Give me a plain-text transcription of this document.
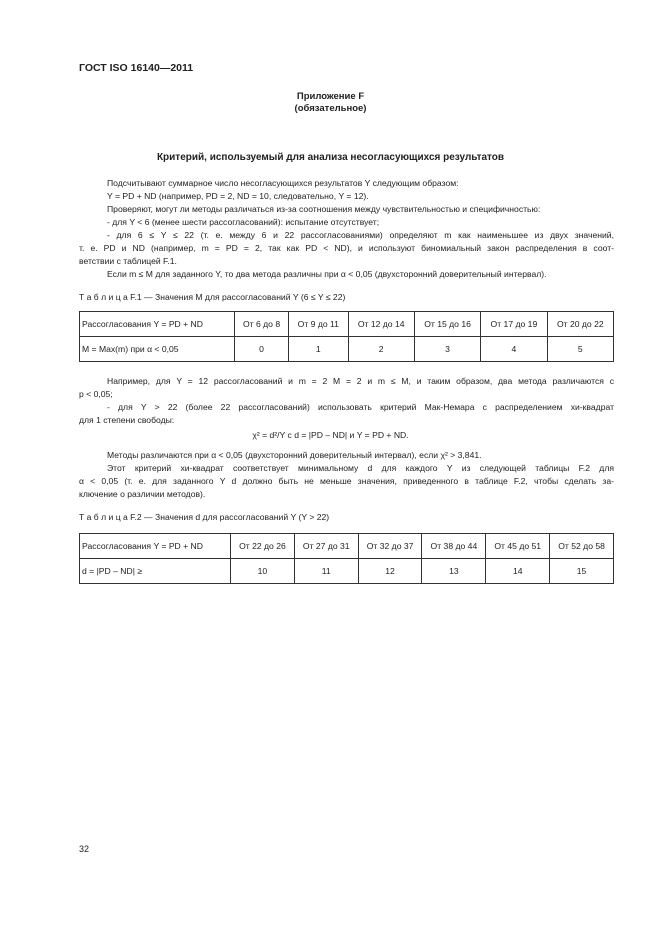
ГОСТ ISO 16140—2011
Приложение F
(обязательное)
Критерий, используемый для анализа несогласующихся результатов
Подсчитывают суммарное число несогласующихся результатов Y следующим образом:
Y = PD + ND (например, PD = 2, ND = 10, следовательно, Y = 12).
Проверяют, могут ли методы различаться из-за соотношения между чувствительностью и специфичностью:
- для Y < 6 (менее шести рассогласований): испытание отсутствует;
- для 6 ≤ Y ≤ 22 (т. е. между 6 и 22 рассогласованиями) определяют m как наименьшее из двух значений,
т. е. PD и ND (например, m = PD = 2, так как PD < ND), и используют биномиальный закон распределения в соот-
ветствии с таблицей F.1.
Если m ≤ M для заданного Y, то два метода различны при α < 0,05 (двухсторонний доверительный интервал).
Т а б л и ц а F.1 — Значения M для рассогласований Y (6 ≤ Y ≤ 22)
Рассогласования Y = PD + ND	От 6 до 8	От 9 до 11	От 12 до 14	От 15 до 16	От 17 до 19	От 20 до 22
M = Max(m) при α < 0,05	0	1	2	3	4	5
Например, для Y = 12 рассогласований и m = 2 M = 2 и m ≤ M, и таким образом, два метода различаются с
p < 0,05;
- для Y > 22 (более 22 рассогласований) использовать критерий Мак-Немара с распределением хи-квадрат
для 1 степени свободы:
χ² = d²/Y с d = |PD – ND| и Y = PD + ND.
Методы различаются при α < 0,05 (двухсторонний доверительный интервал), если χ² > 3,841.
Этот критерий хи-квадрат соответствует минимальному d для каждого Y из следующей таблицы F.2 для
α < 0,05 (т. е. для заданного Y d должно быть не меньше значения, приведенного в таблице F.2, чтобы сделать за-
ключение о различии методов).
Т а б л и ц а F.2 — Значения d для рассогласований Y (Y > 22)
Рассогласования Y = PD + ND	От 22 до 26	От 27 до 31	От 32 до 37	От 38 до 44	От 45 до 51	От 52 до 58
d = |PD – ND| ≥	10	11	12	13	14	15
32
